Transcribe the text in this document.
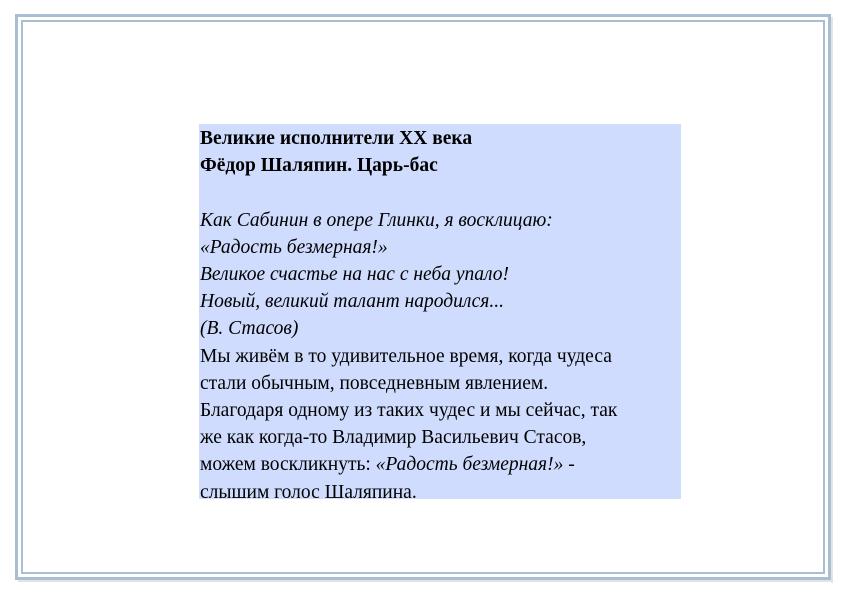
Великие исполнители XX века

Фёдор Шаляпин. Царь-бас

Как Сабинин в опере Глинки, я восклицаю:

«Радость безмерная!»

Великое счастье на нас с неба упало!

Новый, великий талант народился...

(В. Стасов)

Мы живём в то удивительное время, когда чудеса

стали обычным, повседневным явлением.

Благодаря одному из таких чудес и мы сейчас, так

же как когда-то Владимир Васильевич Стасов,

можем воскликнуть: «Радость безмерная!» -

слышим голос Шаляпина.
